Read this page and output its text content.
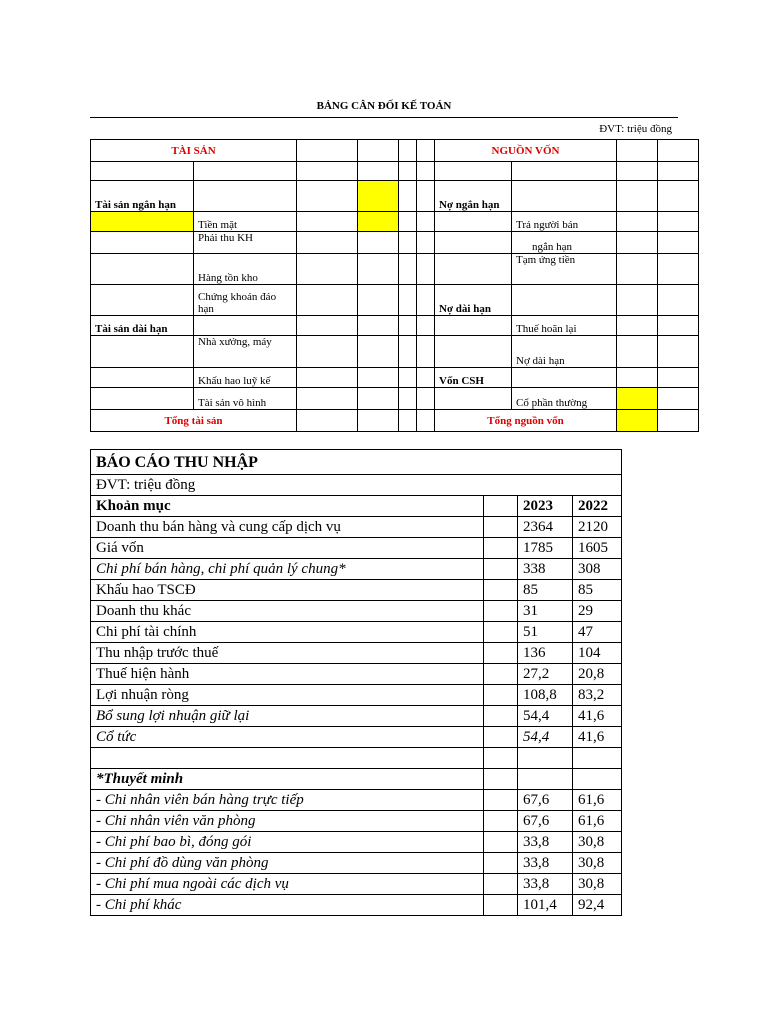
BẢNG CÂN ĐỐI KẾ TOÁN
ĐVT: triệu đồng
TÀI SẢN						NGUỒN VỐN			

Tài sản ngắn hạn						Nợ ngắn hạn			
	Tiền mặt						Trả người bán		
	Phải thu KH						ngắn hạn		
	Hàng tồn kho						Tạm ứng tiền		
	Chứng khoán đáo hạn					Nợ dài hạn			
Tài sản dài hạn							Thuế hoãn lại		
	Nhà xưởng, máy						Nợ dài hạn		
	Khấu hao luỹ kế					Vốn CSH			
	Tài sản vô hình						Cổ phần thường		
Tổng tài sản						Tổng nguồn vốn			
BÁO CÁO THU NHẬP			
ĐVT: triệu đồng			
Khoản mục		2023	2022
Doanh thu bán hàng và cung cấp dịch vụ		2364	2120
Giá vốn		1785	1605
Chi phí bán hàng, chi phí quản lý chung*		338	308
Khấu hao TSCĐ		85	85
Doanh thu khác		31	29
Chi phí tài chính		51	47
Thu nhập trước thuế		136	104
Thuế hiện hành		27,2	20,8
Lợi nhuận ròng		108,8	83,2
Bổ sung lợi nhuận giữ lại		54,4	41,6
Cổ tức		54,4	41,6

*Thuyết minh			
- Chi nhân viên bán hàng trực tiếp		67,6	61,6
- Chi nhân viên văn phòng		67,6	61,6
- Chi phí bao bì, đóng gói		33,8	30,8
- Chi phí đồ dùng văn phòng		33,8	30,8
- Chi phí mua ngoài các dịch vụ		33,8	30,8
- Chi phí khác		101,4	92,4
